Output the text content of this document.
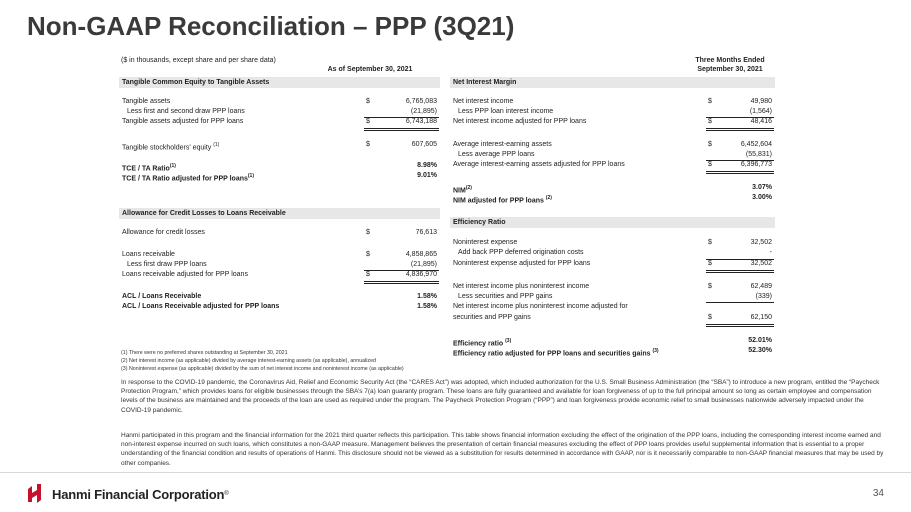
Non-GAAP Reconciliation – PPP (3Q21)
($ in thousands, except share and per share data)
As of September 30, 2021
Three Months Ended
September 30, 2021
Tangible Common Equity to Tangible Assets
Tangible assets	$	6,765,083
Less first and second draw PPP loans	(21,895)
Tangible assets adjusted for PPP loans	$	6,743,188
Tangible stockholders' equity $^{(1)}$	$	607,605
TCE / TA Ratio$^{(1)}$	8.98%
TCE / TA Ratio adjusted for PPP loans$^{(1)}$	9.01%
Allowance for Credit Losses to Loans Receivable
Allowance for credit losses	$	76,613
Loans receivable	$	4,858,865
Less first draw PPP loans	(21,895)
Loans receivable adjusted for PPP loans	$	4,836,970
ACL / Loans Receivable	1.58%
ACL / Loans Receivable adjusted for PPP loans	1.58%
Net Interest Margin
Net interest income	$	49,980
Less PPP loan interest income	(1,564)
Net interest income adjusted for PPP loans	$	48,416
Average interest-earning assets	$	6,452,604
Less average PPP loans	(55,831)
Average interest-earning assets adjusted for PPP loans	$	6,396,773
NIM$^{(2)}$	3.07%
NIM adjusted for PPP loans $^{(2)}$	3.00%
Efficiency Ratio
Noninterest expense	$	32,502
Add back PPP deferred origination costs	-
Noninterest expense adjusted for PPP loans	$	32,502
Net interest income plus noninterest income	$	62,489
Less securities and PPP gains	(339)
Net interest income plus noninterest income adjusted for
securities and PPP gains	$	62,150
Efficiency ratio $^{(3)}$	52.01%
Efficiency ratio adjusted for PPP loans and securities gains $^{(3)}$	52.30%
(1) There were no preferred shares outstanding at September 30, 2021
(2) Net interest income (as applicable) divided by average interest-earning assets (as applicable), annualized
(3) Noninterest expense (as applicable) divided by the sum of net interest income and noninterest income (as applicable)
In response to the COVID-19 pandemic, the Coronavirus Aid, Relief and Economic Security Act (the “CARES Act”) was adopted, which included authorization for the U.S. Small Business Administration (the “SBA”) to introduce a new program, entitled the “Paycheck Protection Program,” which provides loans for eligible businesses through the SBA’s 7(a) loan guaranty program. These loans are fully guaranteed and available for loan forgiveness of up to the full principal amount so long as certain employee and compensation levels of the business are maintained and the proceeds of the loan are used as required under the program. The Paycheck Protection Program (“PPP”) and loan forgiveness provide economic relief to small businesses nationwide adversely impacted under the COVID-19 pandemic.
Hanmi participated in this program and the financial information for the 2021 third quarter reflects this participation. This table shows financial information excluding the effect of the origination of the PPP loans, including the corresponding interest income earned and non-interest expense incurred on such loans, which constitutes a non-GAAP measure. Management believes the presentation of certain financial measures excluding the effect of PPP loans provides useful supplemental information that is essential to a proper understanding of the financial condition and results of operations of Hanmi. This disclosure should not be viewed as a substitution for results determined in accordance with GAAP, nor is it necessarily comparable to non-GAAP financial measures that may be used by other companies.
Hanmi Financial Corporation ®	34
